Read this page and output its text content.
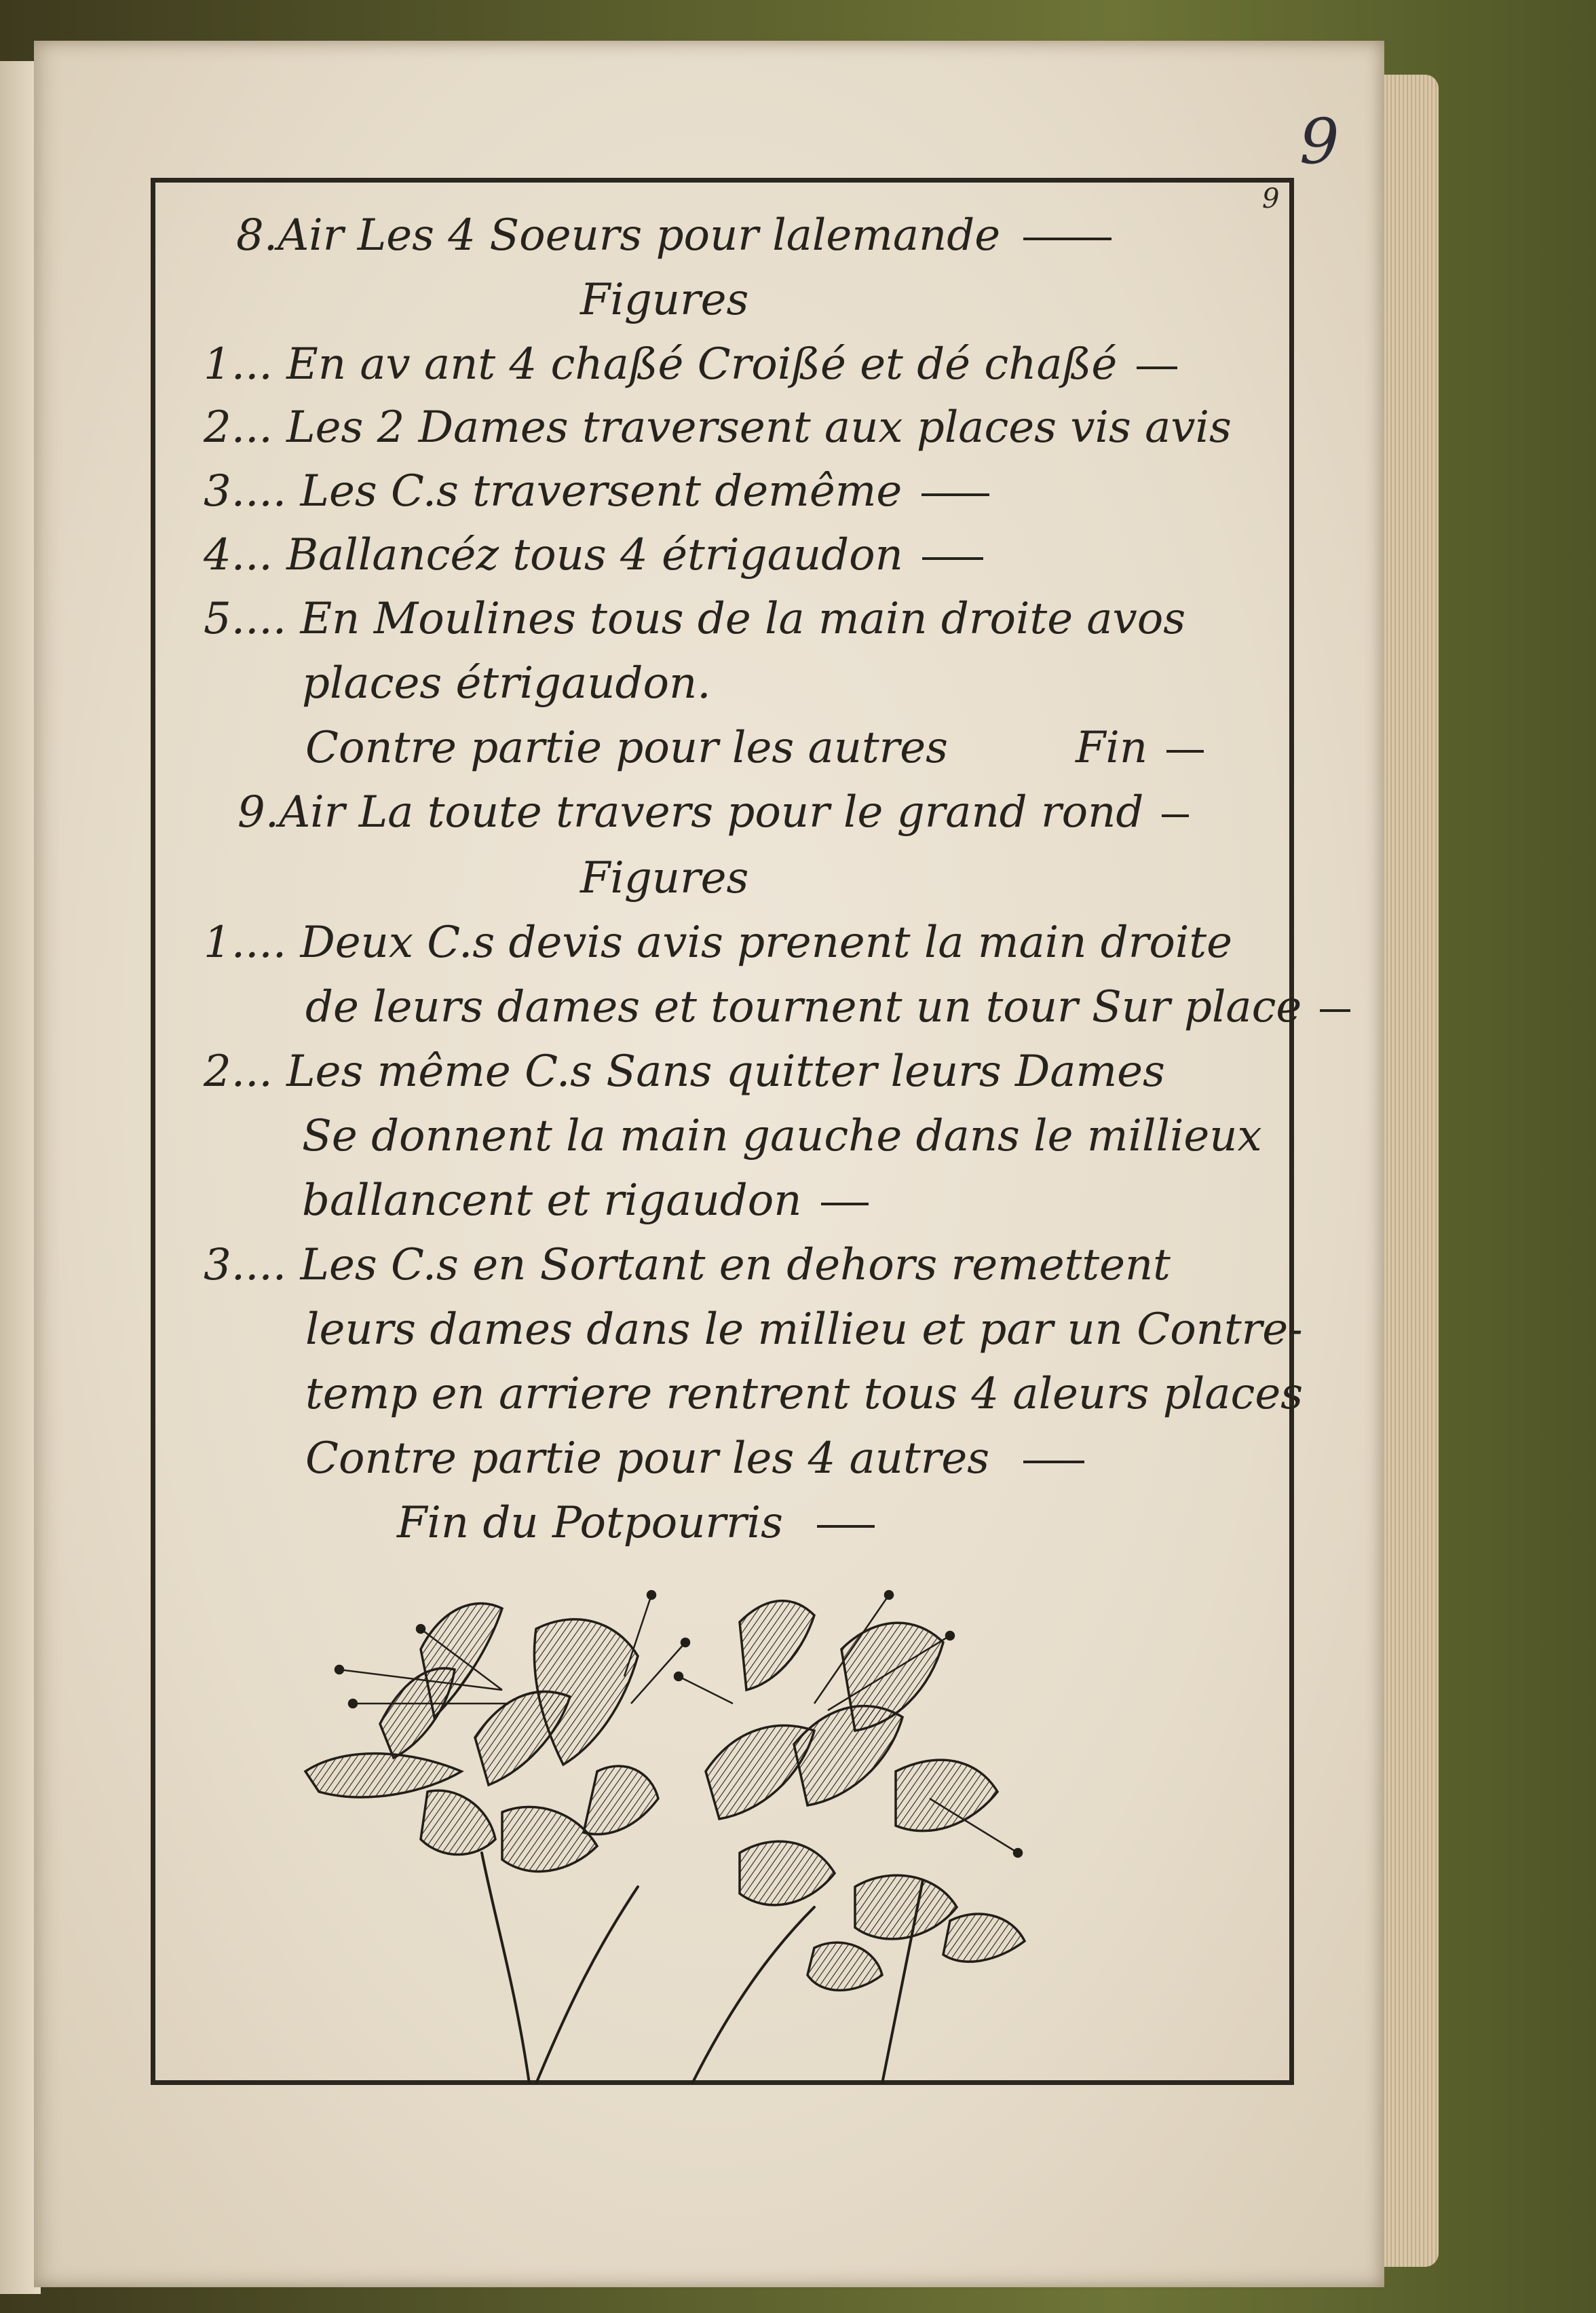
9
9
8.Air Les 4 Soeurs pour lalemande
Figures
1... En av ant 4 chaßé Croißé et dé chaßé
2... Les 2 Dames traversent aux places vis avis
3.... Les C.s traversent demême
4... Ballancéz tous 4 étrigaudon
5.... En Moulines tous de la main droite avos
places étrigaudon.
Contre partie pour les autres	Fin
9.Air La toute travers pour le grand rond
Figures
1.... Deux C.s devis avis prenent la main droite
de leurs dames et tournent un tour Sur place
2... Les même C.s Sans quitter leurs Dames
Se donnent la main gauche dans le millieux
ballancent et rigaudon
3.... Les C.s en Sortant en dehors remettent
leurs dames dans le millieu et par un Contre-
temp en arriere rentrent tous 4 aleurs places
Contre partie pour les 4 autres
Fin du Potpourris
